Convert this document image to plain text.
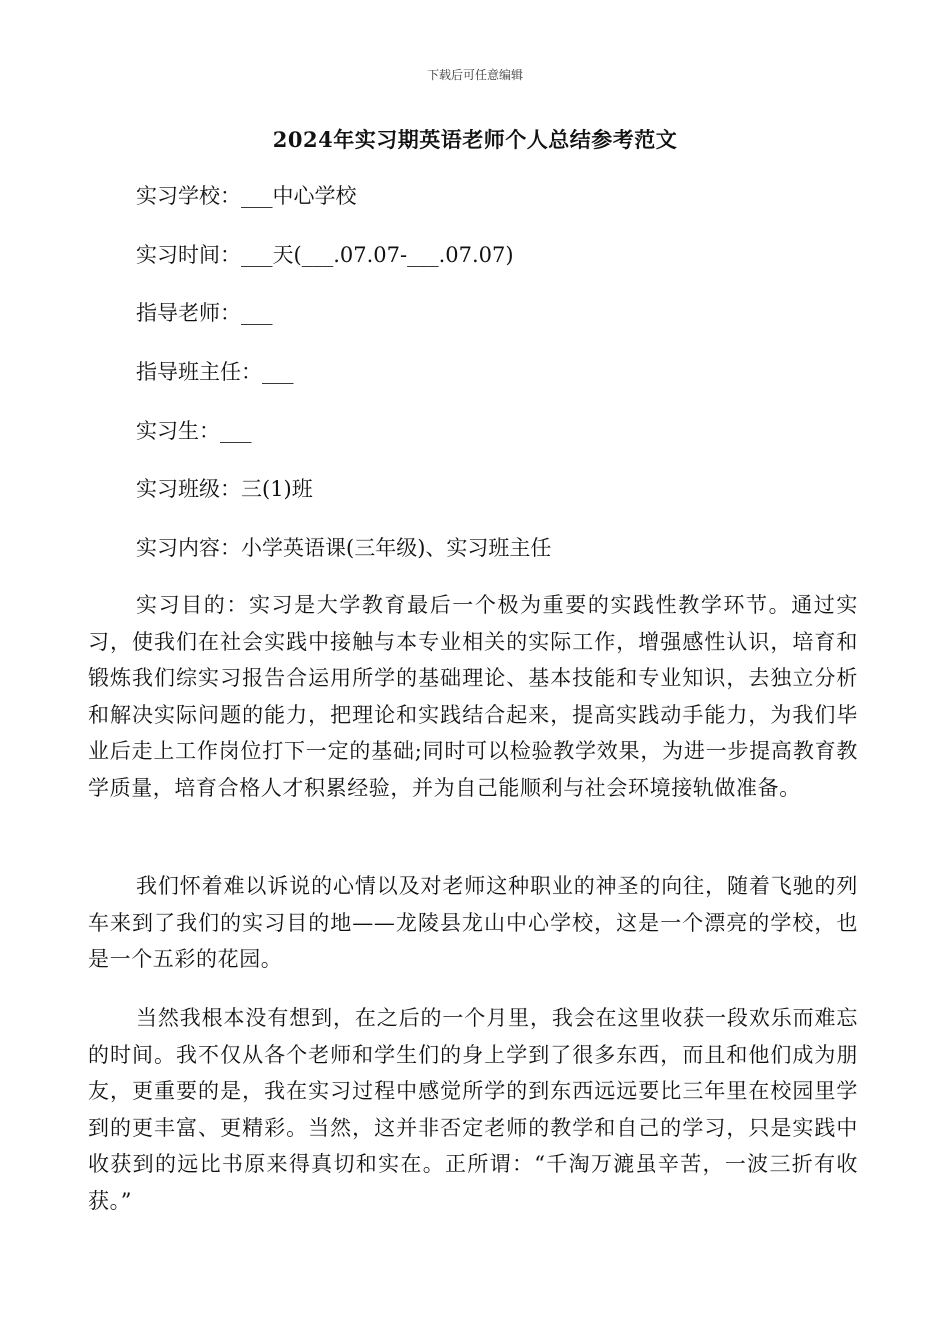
下载后可任意编辑
2024年实习期英语老师个人总结参考范文
实习学校：___中心学校
实习时间：___天(___.07.07-___.07.07)
指导老师：___
指导班主任：___
实习生：___
实习班级：三(1)班
实习内容：小学英语课(三年级)、实习班主任
实习目的：实习是大学教育最后一个极为重要的实践性教学环节。通过实习，使我们在社会实践中接触与本专业相关的实际工作，增强感性认识，培育和锻炼我们综实习报告合运用所学的基础理论、基本技能和专业知识，去独立分析和解决实际问题的能力，把理论和实践结合起来，提高实践动手能力，为我们毕业后走上工作岗位打下一定的基础;同时可以检验教学效果，为进一步提高教育教学质量，培育合格人才积累经验，并为自己能顺利与社会环境接轨做准备。
我们怀着难以诉说的心情以及对老师这种职业的神圣的向往，随着飞驰的列车来到了我们的实习目的地——龙陵县龙山中心学校，这是一个漂亮的学校，也是一个五彩的花园。
当然我根本没有想到，在之后的一个月里，我会在这里收获一段欢乐而难忘的时间。我不仅从各个老师和学生们的身上学到了很多东西，而且和他们成为朋友，更重要的是，我在实习过程中感觉所学的到东西远远要比三年里在校园里学到的更丰富、更精彩。当然，这并非否定老师的教学和自己的学习，只是实践中收获到的远比书原来得真切和实在。正所谓：“千淘万漉虽辛苦，一波三折有收获。”
